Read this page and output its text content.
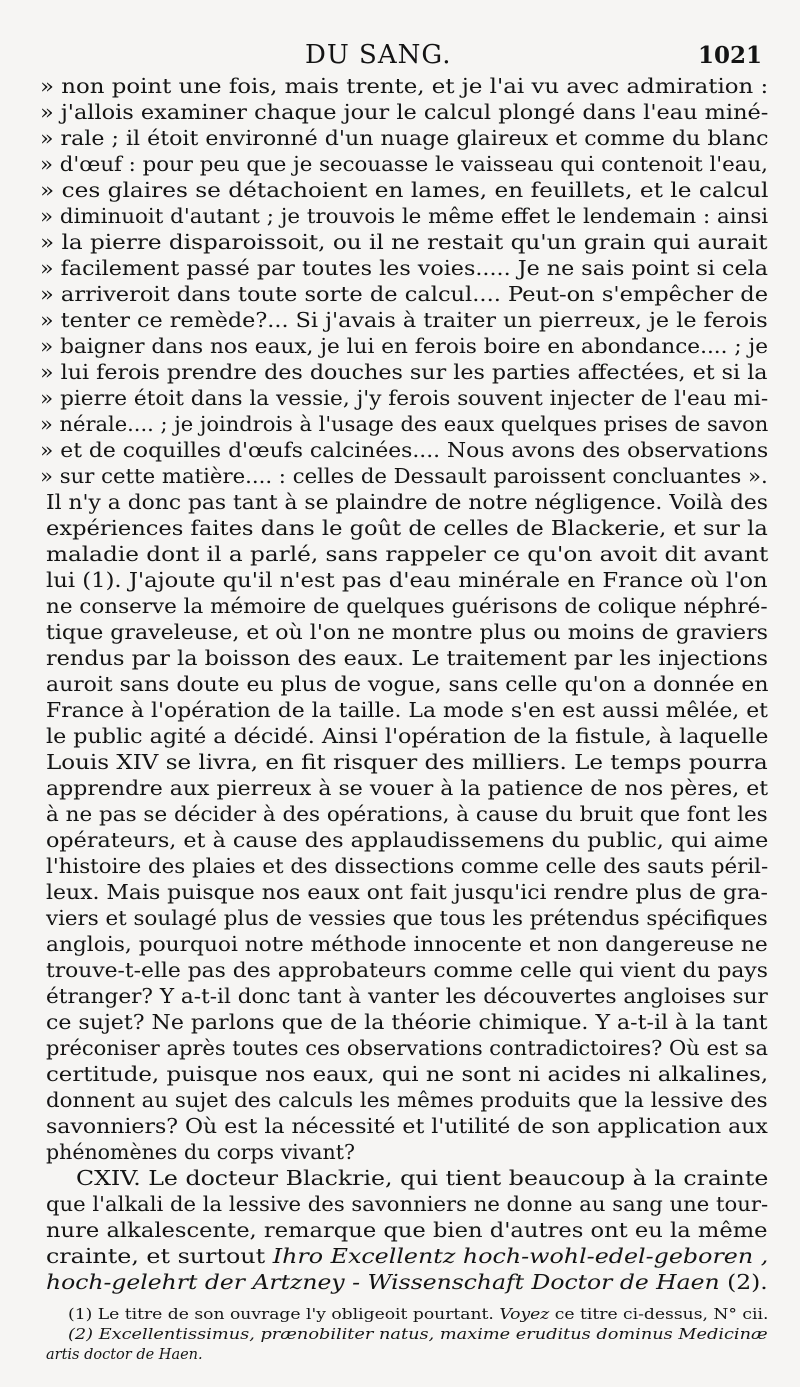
DU SANG.	1021
» non point une fois, mais trente, et je l'ai vu avec admiration :
» j'allois examiner chaque jour le calcul plongé dans l'eau miné-
» rale ; il étoit environné d'un nuage glaireux et comme du blanc
» d'œuf : pour peu que je secouasse le vaisseau qui contenoit l'eau,
» ces glaires se détachoient en lames, en feuillets, et le calcul
» diminuoit d'autant ; je trouvois le même effet le lendemain : ainsi
» la pierre disparoissoit, ou il ne restait qu'un grain qui aurait
» facilement passé par toutes les voies..... Je ne sais point si cela
» arriveroit dans toute sorte de calcul.... Peut-on s'empêcher de
» tenter ce remède?... Si j'avais à traiter un pierreux, je le ferois
» baigner dans nos eaux, je lui en ferois boire en abondance.... ; je
» lui ferois prendre des douches sur les parties affectées, et si la
» pierre étoit dans la vessie, j'y ferois souvent injecter de l'eau mi-
» nérale.... ; je joindrois à l'usage des eaux quelques prises de savon
» et de coquilles d'œufs calcinées.... Nous avons des observations
» sur cette matière.... : celles de Dessault paroissent concluantes ».
Il n'y a donc pas tant à se plaindre de notre négligence. Voilà des
expériences faites dans le goût de celles de Blackerie, et sur la
maladie dont il a parlé, sans rappeler ce qu'on avoit dit avant
lui (1). J'ajoute qu'il n'est pas d'eau minérale en France où l'on
ne conserve la mémoire de quelques guérisons de colique néphré-
tique graveleuse, et où l'on ne montre plus ou moins de graviers
rendus par la boisson des eaux. Le traitement par les injections
auroit sans doute eu plus de vogue, sans celle qu'on a donnée en
France à l'opération de la taille. La mode s'en est aussi mêlée, et
le public agité a décidé. Ainsi l'opération de la fistule, à laquelle
Louis XIV se livra, en fit risquer des milliers. Le temps pourra
apprendre aux pierreux à se vouer à la patience de nos pères, et
à ne pas se décider à des opérations, à cause du bruit que font les
opérateurs, et à cause des applaudissemens du public, qui aime
l'histoire des plaies et des dissections comme celle des sauts péril-
leux. Mais puisque nos eaux ont fait jusqu'ici rendre plus de gra-
viers et soulagé plus de vessies que tous les prétendus spécifiques
anglois, pourquoi notre méthode innocente et non dangereuse ne
trouve-t-elle pas des approbateurs comme celle qui vient du pays
étranger? Y a-t-il donc tant à vanter les découvertes angloises sur
ce sujet? Ne parlons que de la théorie chimique. Y a-t-il à la tant
préconiser après toutes ces observations contradictoires? Où est sa
certitude, puisque nos eaux, qui ne sont ni acides ni alkalines,
donnent au sujet des calculs les mêmes produits que la lessive des
savonniers? Où est la nécessité et l'utilité de son application aux
phénomènes du corps vivant?
CXIV. Le docteur Blackrie, qui tient beaucoup à la crainte
que l'alkali de la lessive des savonniers ne donne au sang une tour-
nure alkalescente, remarque que bien d'autres ont eu la même
crainte, et surtout Ihro Excellentz hoch-wohl-edel-geboren ,
hoch-gelehrt der Artzney - Wissenschaft Doctor de Haen (2).
(1) Le titre de son ouvrage l'y obligeoit pourtant. Voyez ce titre ci-dessus, N° cii.
(2) Excellentissimus, prænobiliter natus, maxime eruditus dominus Medicinæ
artis doctor de Haen.
